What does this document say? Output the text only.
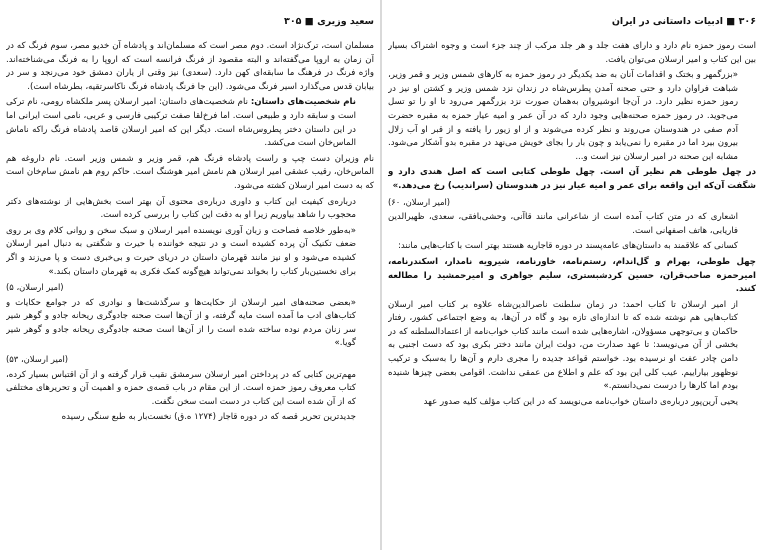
سعید وزیری ■ ۳۰۵

مسلمان است، ترک‌نژاد است. دوم مصر است که مسلمان‌اند و پادشاه آن خدیو مصر، سوم فرنگ که در آن زمان به اروپا می‌گفته‌اند و البته مقصود از فرنگ فرانسه است که اروپا را به فرنگ می‌شناخته‌اند. واژه فرنگ در فرهنگ ما سابقه‌ای کهن دارد. (سعدی) نیز وقتی از یاران دمشق خود می‌رنجد و سر در بیابان قدس می‌گذارد اسیر فرنگ می‌شود. (این جا فرنگ پادشاه فرنگ ناکاسرتقیه، بطرشاه است).

نام شخصیت‌های داستان: نام شخصیت‌های داستان: امیر ارسلان پسر ملکشاه رومی، نام ترکی است و سابقه دارد و طبیعی است. اما فرخ‌لقا صفت ترکیبی فارسی و عربی، نامی است ایرانی اما در این داستان دختر پطروس‌شاه است. دیگر این که امیر ارسلان قاصد پادشاه فرنگ راکه ناماش الماس‌خان است می‌کشد.

نام وزیران دست چپ و راست پادشاه فرنگ هم، قمر وزیر و شمس وزیر است. نام داروغه هم الماس‌خان، رقیب عشقی امیر ارسلان هم نامش امیر هوشنگ است. حاکم روم هم نامش سام‌خان است که به دست امیر ارسلان کشته می‌شود.

درباره‌ی کیفیت این کتاب و داوری درباره‌ی محتوی آن بهتر است بخش‌هایی از نوشته‌های دکتر محجوب را شاهد بیاوریم زیرا او به دقت این کتاب را بررسی کرده است.

«به‌طور خلاصه فصاحت و زبان آوری نویسنده امیر ارسلان و سبک سخن و روانی کلام وی بر روی ضعف تکنیک آن پرده کشیده است و در نتیجه خواننده با حیرت و شگفتی به دنبال امیر ارسلان کشیده می‌شود و او نیز مانند قهرمان داستان در دریای حیرت و بی‌خبری دست و پا می‌زند و اگر برای نخستین‌بار کتاب را بخواند نمی‌تواند هیچ‌گونه کمک فکری به قهرمان داستان بکند.»

(امیر ارسلان، ۵)

«بعضی صحنه‌های امیر ارسلان از حکایت‌ها و سرگذشت‌ها و نوادری که در جوامع حکایات و کتاب‌های ادب ما آمده است مایه گرفته، و از آن‌ها است صحنه جادوگری ریحانه جادو و گوهر شیر سر زنان مردم نوده ساخته شده است را از آن‌ها است صحنه جادوگری ریحانه جادو و گوهر شیر گویا.»

(امیر ارسلان، ۵۳)

مهم‌ترین کتابی که در پرداختن امیر ارسلان سرمشق نقیب قرار گرفته و از آن اقتباس بسیار کرده، کتاب معروف رموز حمزه است. از این مقام در باب قصه‌ی حمزه و اهمیت آن و تحریرهای مختلفی که از آن شده است این کتاب در دست است سخن نگفت.

جدیدترین تحریر قصه که در دوره قاجار (۱۲۷۴ ه.ق) نخست‌بار به طبع سنگی رسیده

۳۰۶ ■ ادبیات داستانی در ایران

است رموز حمزه نام دارد و دارای هفت جلد و هر جلد مرکب از چند جزء است و وجوه اشتراک بسیار بین این کتاب و امیر ارسلان می‌توان یافت.

«بزرگمهر و بختک و اقدامات آنان به ضد یکدیگر در رموز حمزه به کارهای شمس وزیر و قمر وزیر، شباهت فراوان دارد و حتی صحنه آمدن پطرس‌شاه در زندان نزد شمس وزیر و کشتن او نیز در رموز حمزه نظیر دارد. در آن‌جا انوشیروان به‌همان صورت نزد بزرگمهر می‌رود تا او را تو تسل می‌جوید. در رموز حمزه صحنه‌هایی وجود دارد که در آن عمر و امیه عیار حمزه به مقبره حضرت آدم صفی در هندوستان می‌روند و نظر کرده می‌شوند و از او زیور را یافته و از قبر او آب زلال بیرون بیرد اما در مقبره را نمی‌یابد و چون بار را بجای خویش می‌نهد در مقبره بدو آشکار می‌شود. مشابه این صحنه در امیر ارسلان نیز است و...

در چهل طوطی هم نظیر آن است. چهل طوطی کتابی است که اصل هندی دارد و شگفت آن‌که این واقعه برای عمر و امیه عیار نیز در هندوستان (سراندیب) رخ می‌دهد.»

(امیر ارسلان، ۶۰)

اشعاری که در متن کتاب آمده است از شاعرانی مانند قاآنی، وحشی‌بافقی، سعدی، ظهیرالدین فاریابی، هاتف اصفهانی است.

کسانی که علاقمند به داستان‌های عامه‌پسند در دوره قاجاریه هستند بهتر است با کتاب‌هایی مانند:

چهل طوطی، بهرام و گل‌اندام، رستم‌نامه، خاورنامه، شیرویه نامدار، اسکندرنامه، امیرحمزه صاحب‌قران، حسین کردشبستری، سلیم جواهری و امیرحمشید را مطالعه کنند.

از امیر ارسلان تا کتاب احمد: در زمان سلطنت ناصرالدین‌شاه علاوه بر کتاب امیر ارسلان کتاب‌هایی هم نوشته شده که تا اندازه‌ای تازه بود و گاه در آن‌ها، به وضع اجتماعی کشور، رفتار حاکمان و بی‌توجهی مسؤولان، اشاره‌هایی شده است مانند کتاب خواب‌نامه از اعتمادالسلطنه که در بخشی از آن می‌نویسد: تا عهد صدارت من، دولت ایران مانند دختر بکری بود که دست اجنبی به دامن چادر عفت او نرسیده بود. خواستم قواعد جدیده را مجری دارم و آن‌ها را به‌سبک و ترکیب نوظهور بیاراییم. عیب کلی این بود که علم و اطلاع من عمقی نداشت. اقوامی بعضی چیزها شنیده بودم اما کارها را درست نمی‌دانستم.»

یحیی آرین‌پور درباره‌ی داستان خواب‌نامه می‌نویسد که در این کتاب مؤلف کلیه صدور عهد
